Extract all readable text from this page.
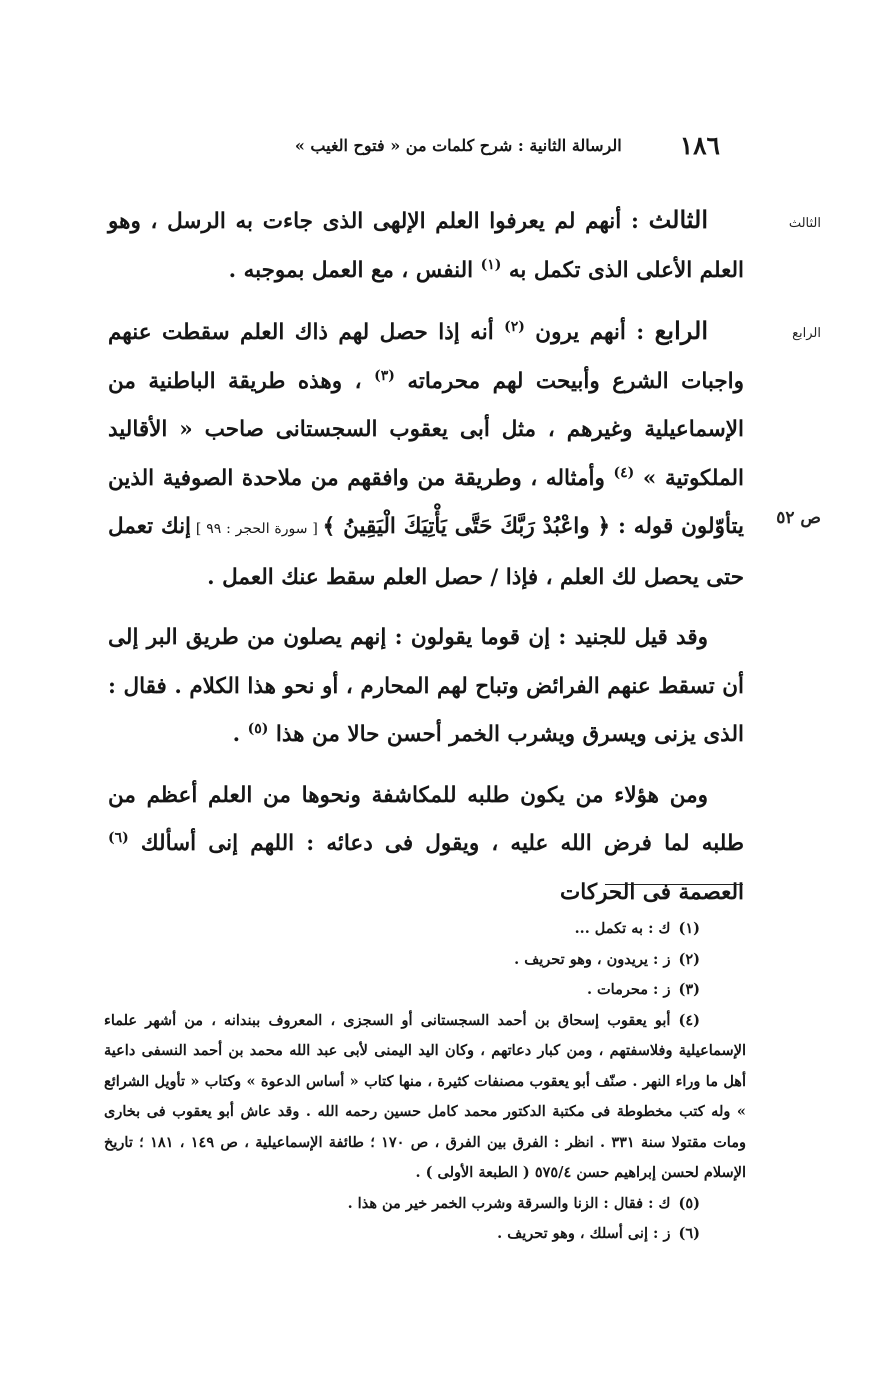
١٨٦
الرسالة الثانية : شرح كلمات من « فتوح الغيب »
الثالث
الرابع
ص ٥٢

الثالث : أنهم لم يعرفوا العلم الإلهى الذى جاءت به الرسل ، وهو العلم الأعلى الذى تكمل به $^{(١)}$ النفس ، مع العمل بموجبه .

الرابع : أنهم يرون $^{(٢)}$ أنه إذا حصل لهم ذاك العلم سقطت عنهم واجبات الشرع وأبيحت لهم محرماته $^{(٣)}$ ، وهذه طريقة الباطنية من الإسماعيلية وغيرهم ، مثل أبى يعقوب السجستانى صاحب « الأقاليد الملكوتية » $^{(٤)}$ وأمثاله ، وطريقة من وافقهم من ملاحدة الصوفية الذين يتأوّلون قوله : ﴿ واعْبُدْ رَبَّكَ حَتَّى يَأْتِيَكَ الْيَقِينُ ﴾ [ سورة الحجر : ٩٩ ] إنك تعمل حتى يحصل لك العلم ، فإذا / حصل العلم سقط عنك العمل .

وقد قيل للجنيد : إن قوما يقولون : إنهم يصلون من طريق البر إلى أن تسقط عنهم الفرائض وتباح لهم المحارم ، أو نحو هذا الكلام . فقال : الذى يزنى ويسرق ويشرب الخمر أحسن حالا من هذا $^{(٥)}$ .

ومن هؤلاء من يكون طلبه للمكاشفة ونحوها من العلم أعظم من طلبه لما فرض الله عليه ، ويقول فى دعائه : اللهم إنى أسألك $^{(٦)}$ العصمة فى الحركات

(١)ك : به تكمل ...

(٢)ز : يريدون ، وهو تحريف .

(٣)ز : محرمات .

(٤)أبو يعقوب إسحاق بن أحمد السجستانى أو السجزى ، المعروف ببندانه ، من أشهر علماء الإسماعيلية وفلاسفتهم ، ومن كبار دعاتهم ، وكان اليد اليمنى لأبى عبد الله محمد بن أحمد النسفى داعية أهل ما وراء النهر . صنّف أبو يعقوب مصنفات كثيرة ، منها كتاب « أساس الدعوة » وكتاب « تأويل الشرائع » وله كتب مخطوطة فى مكتبة الدكتور محمد كامل حسين رحمه الله . وقد عاش أبو يعقوب فى بخارى ومات مقتولا سنة ٣٣١ . انظر : الفرق بين الفرق ، ص ١٧٠ ؛ طائفة الإسماعيلية ، ص ١٤٩ ، ١٨١ ؛ تاريخ الإسلام لحسن إبراهيم حسن ٥٧٥/٤ ( الطبعة الأولى ) .

(٥)ك : فقال : الزنا والسرقة وشرب الخمر خير من هذا .

(٦)ز : إنى أسلك ، وهو تحريف .
